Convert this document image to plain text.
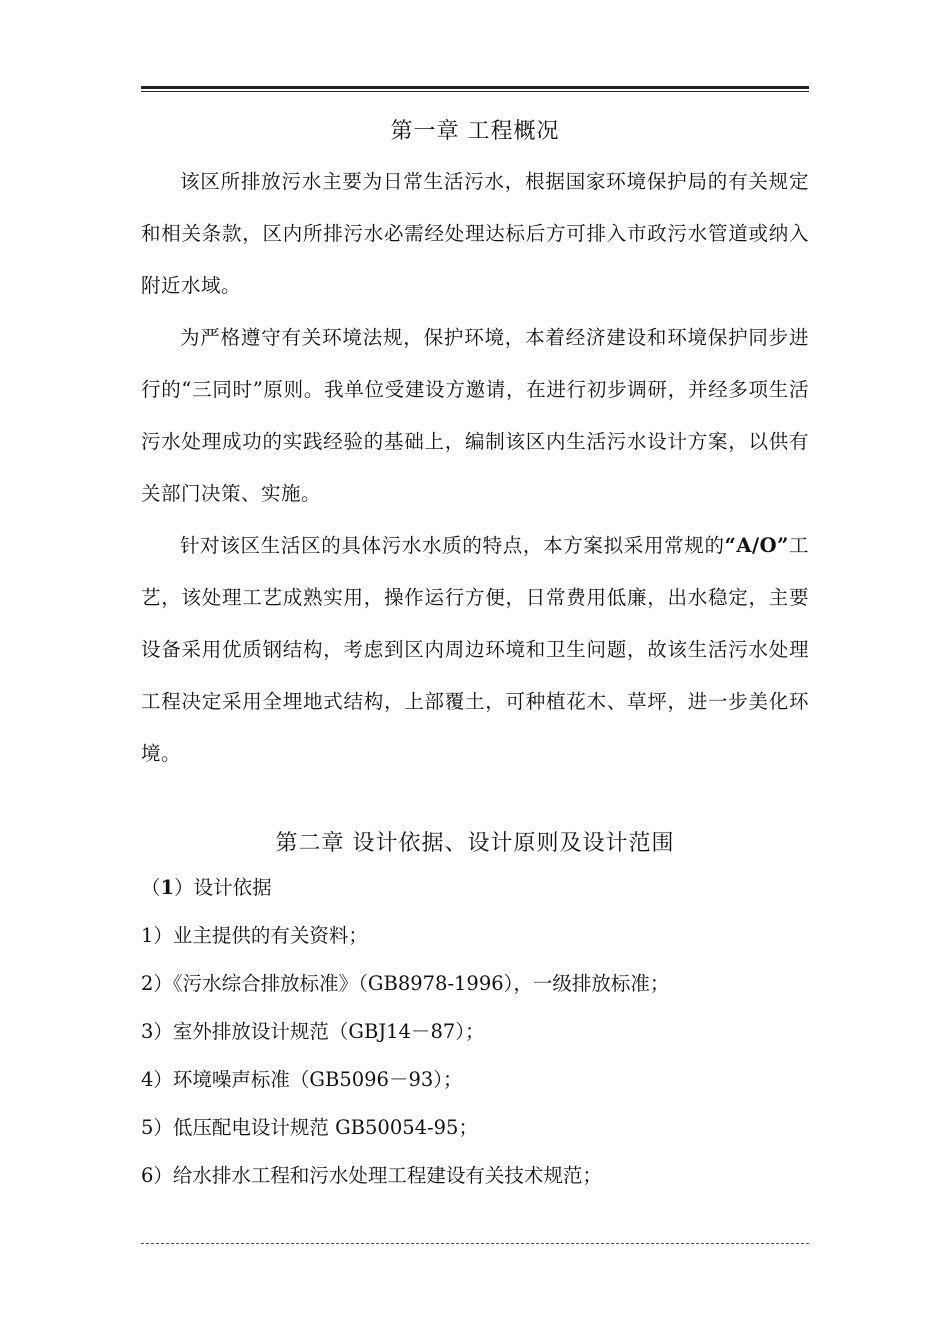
第一章 工程概况

该区所排放污水主要为日常生活污水，根据国家环境保护局的有关规定和相关条款，区内所排污水必需经处理达标后方可排入市政污水管道或纳入附近水域。

为严格遵守有关环境法规，保护环境，本着经济建设和环境保护同步进行的“三同时”原则。我单位受建设方邀请，在进行初步调研，并经多项生活污水处理成功的实践经验的基础上，编制该区内生活污水设计方案，以供有关部门决策、实施。

针对该区生活区的具体污水水质的特点，本方案拟采用常规的“A/O”工艺，该处理工艺成熟实用，操作运行方便，日常费用低廉，出水稳定，主要设备采用优质钢结构，考虑到区内周边环境和卫生问题，故该生活污水处理工程决定采用全埋地式结构，上部覆土，可种植花木、草坪，进一步美化环境。

第二章 设计依据、设计原则及设计范围

（1）设计依据

1）业主提供的有关资料；

2）《污水综合排放标准》（GB8978-1996），一级排放标准；

3）室外排放设计规范（GBJ14－87）；

4）环境噪声标准（GB5096－93）；

5）低压配电设计规范 GB50054-95；

6）给水排水工程和污水处理工程建设有关技术规范；
